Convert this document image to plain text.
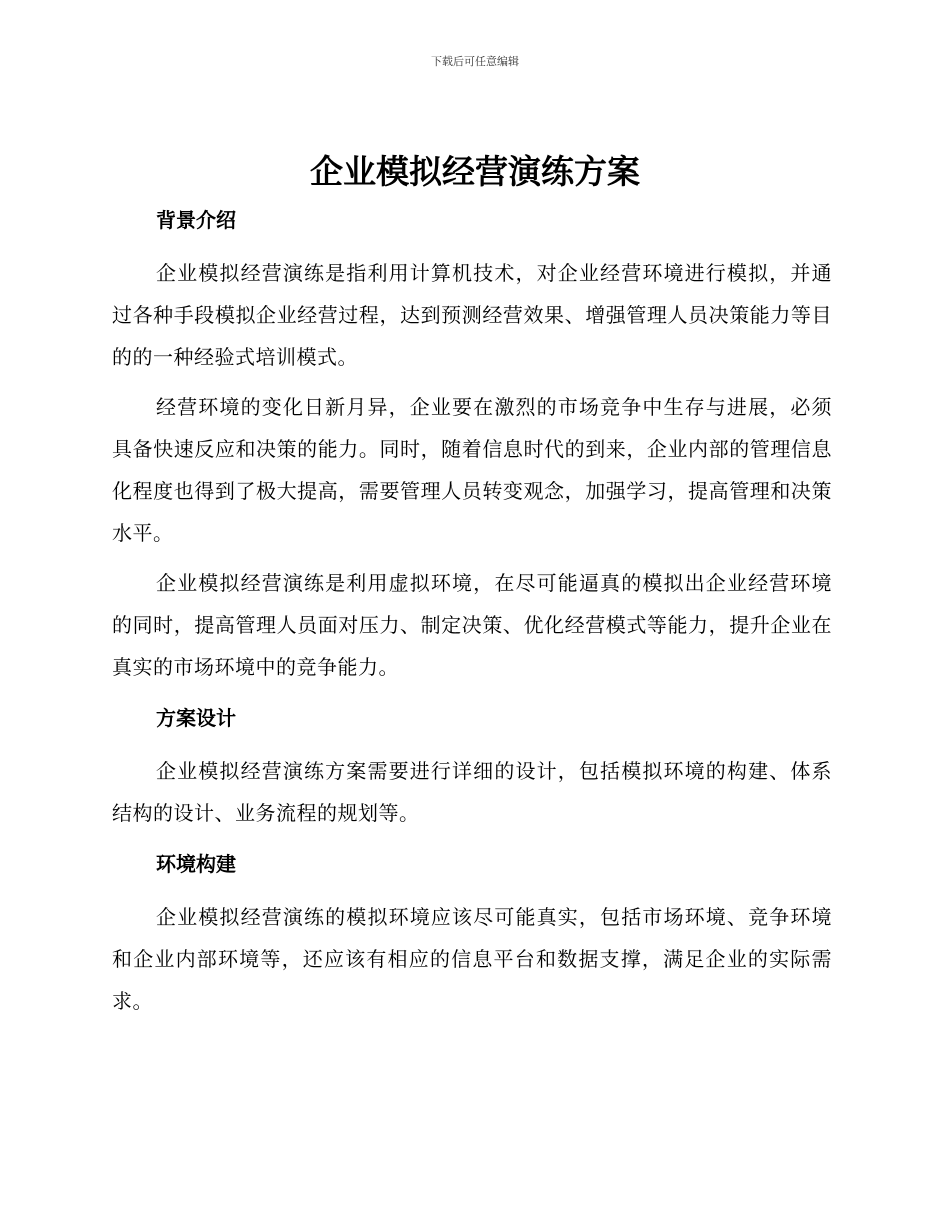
下载后可任意编辑
企业模拟经营演练方案
背景介绍

企业模拟经营演练是指利用计算机技术，对企业经营环境进行模拟，并通过各种手段模拟企业经营过程，达到预测经营效果、增强管理人员决策能力等目的的一种经验式培训模式。

经营环境的变化日新月异，企业要在激烈的市场竞争中生存与进展，必须具备快速反应和决策的能力。同时，随着信息时代的到来，企业内部的管理信息化程度也得到了极大提高，需要管理人员转变观念，加强学习，提高管理和决策水平。

企业模拟经营演练是利用虚拟环境，在尽可能逼真的模拟出企业经营环境的同时，提高管理人员面对压力、制定决策、优化经营模式等能力，提升企业在真实的市场环境中的竞争能力。

方案设计

企业模拟经营演练方案需要进行详细的设计，包括模拟环境的构建、体系结构的设计、业务流程的规划等。

环境构建

企业模拟经营演练的模拟环境应该尽可能真实，包括市场环境、竞争环境和企业内部环境等，还应该有相应的信息平台和数据支撑，满足企业的实际需求。
